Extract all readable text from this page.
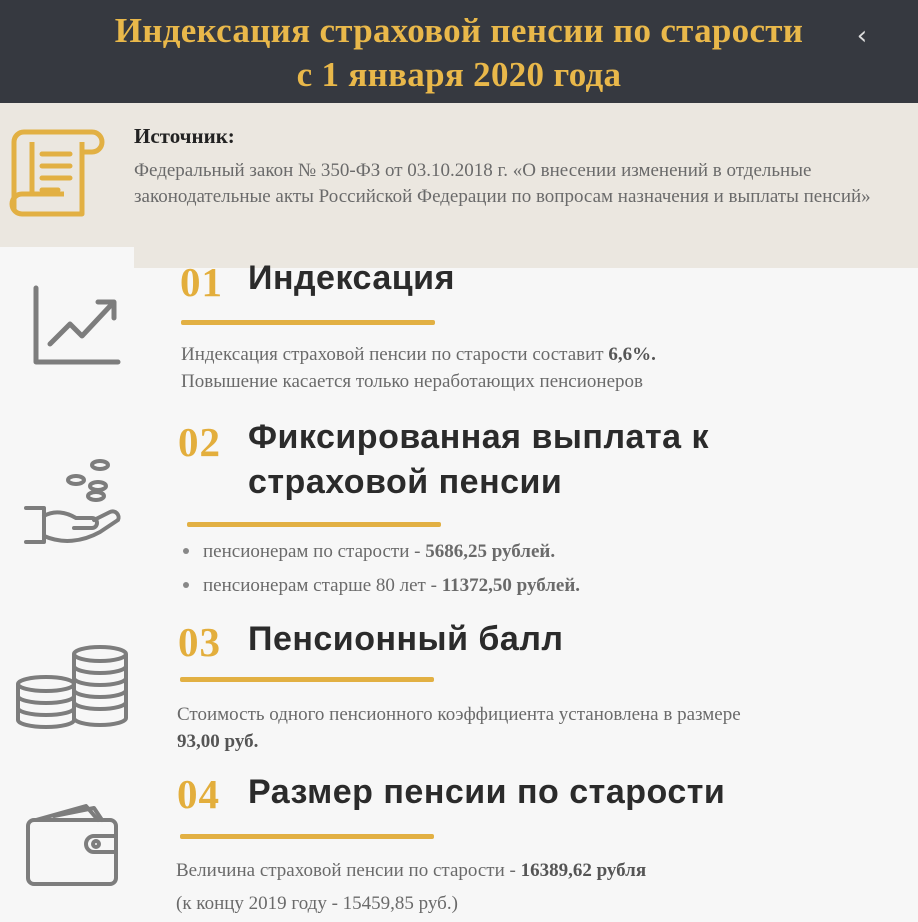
Индексация страховой пенсии по старости
с 1 января 2020 года
‹
Источник:
Федеральный закон № 350-ФЗ от 03.10.2018 г. «О внесении изменений в отдельные законодательные акты Российской Федерации по вопросам назначения и выплаты пенсий»
01 Индексация
Индексация страховой пенсии по старости составит 6,6%.
Повышение касается только неработающих пенсионеров
02 Фиксированная выплата к
страховой пенсии
пенсионерам по старости - 5686,25 рублей.
пенсионерам старше 80 лет - 11372,50 рублей.
03 Пенсионный балл
Стоимость одного пенсионного коэффициента установлена в размере
93,00 руб.
04 Размер пенсии по старости
Величина страховой пенсии по старости - 16389,62 рубля
(к концу 2019 году - 15459,85 руб.)
